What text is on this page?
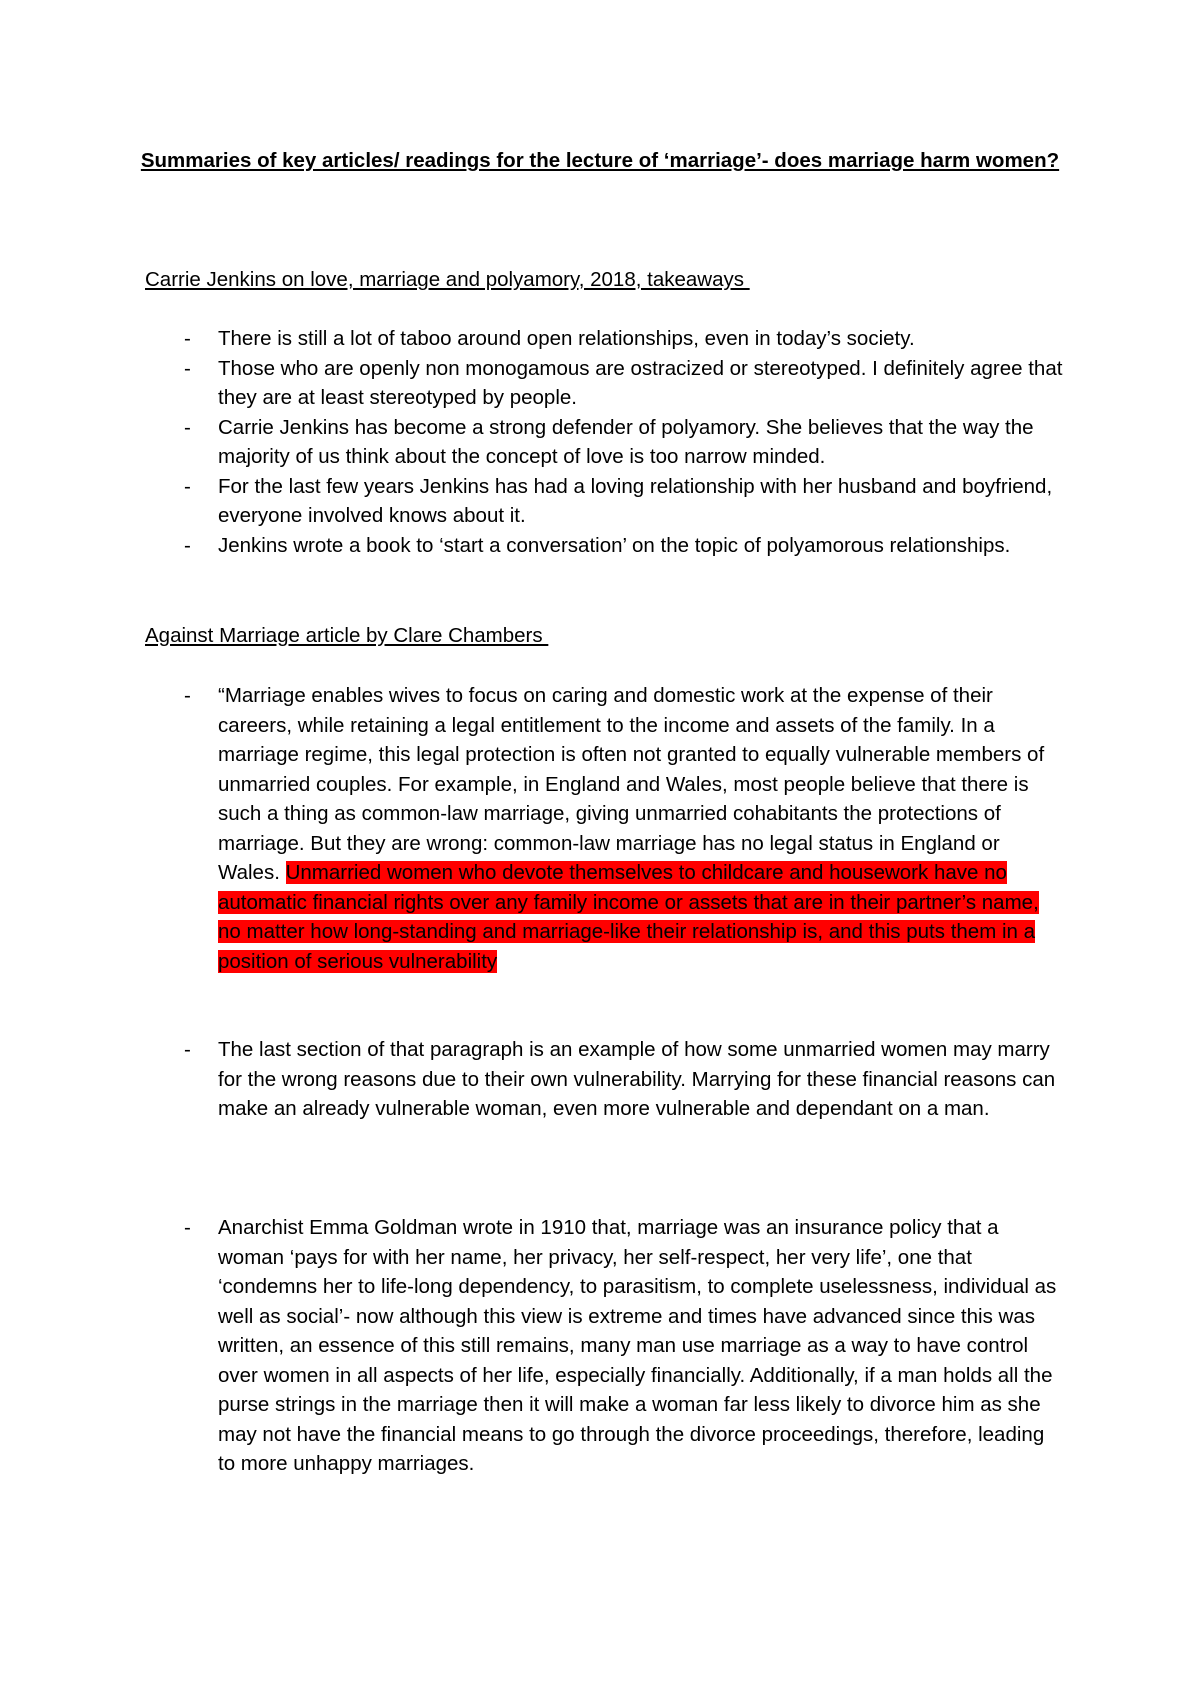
Summaries of key articles/ readings for the lecture of ‘marriage’- does marriage harm women?
Carrie Jenkins on love, marriage and polyamory, 2018, takeaways
- There is still a lot of taboo around open relationships, even in today’s society.
- Those who are openly non monogamous are ostracized or stereotyped. I definitely agree that they are at least stereotyped by people.
- Carrie Jenkins has become a strong defender of polyamory. She believes that the way the majority of us think about the concept of love is too narrow minded.
- For the last few years Jenkins has had a loving relationship with her husband and boyfriend, everyone involved knows about it.
- Jenkins wrote a book to ‘start a conversation’ on the topic of polyamorous relationships.
Against Marriage article by Clare Chambers
- “Marriage enables wives to focus on caring and domestic work at the expense of their careers, while retaining a legal entitlement to the income and assets of the family. In a marriage regime, this legal protection is often not granted to equally vulnerable members of unmarried couples. For example, in England and Wales, most people believe that there is such a thing as common-law marriage, giving unmarried cohabitants the protections of marriage. But they are wrong: common-law marriage has no legal status in England or Wales. Unmarried women who devote themselves to childcare and housework have no automatic financial rights over any family income or assets that are in their partner’s name, no matter how long-standing and marriage-like their relationship is, and this puts them in a position of serious vulnerability
- The last section of that paragraph is an example of how some unmarried women may marry for the wrong reasons due to their own vulnerability. Marrying for these financial reasons can make an already vulnerable woman, even more vulnerable and dependant on a man.
- Anarchist Emma Goldman wrote in 1910 that, marriage was an insurance policy that a woman ‘pays for with her name, her privacy, her self-respect, her very life’, one that ‘condemns her to life-long dependency, to parasitism, to complete uselessness, individual as well as social’- now although this view is extreme and times have advanced since this was written, an essence of this still remains, many man use marriage as a way to have control over women in all aspects of her life, especially financially. Additionally, if a man holds all the purse strings in the marriage then it will make a woman far less likely to divorce him as she may not have the financial means to go through the divorce proceedings, therefore, leading to more unhappy marriages.
